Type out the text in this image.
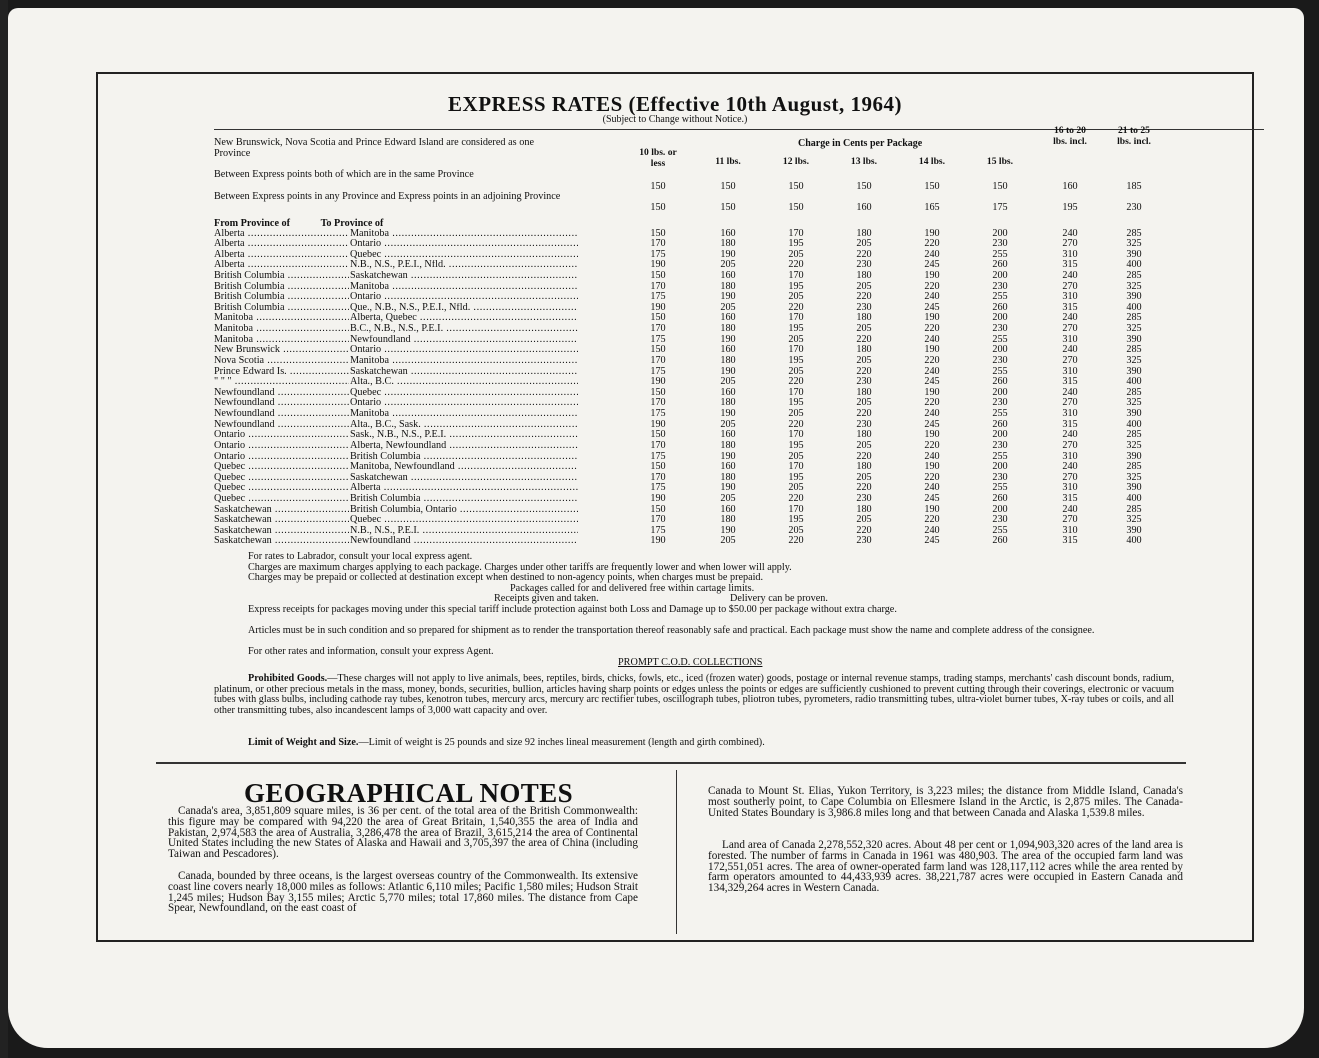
EXPRESS RATES (Effective 10th August, 1964)
(Subject to Change without Notice.)
New Brunswick, Nova Scotia and Prince Edward Island are considered as one Province
Charge in Cents per Package
10 lbs. or less	11 lbs.	12 lbs.	13 lbs.	14 lbs.	15 lbs.
16 to 20 lbs. incl.
21 to 25 lbs. incl.
Between Express points both of which are in the same Province
Between Express points in any Province and Express points in an adjoining Province
150	150	150	150	150	150	160	185
150	150	150	160	165	175	195	230
From Province of	To Province of
Alberta .....	Manitoba .....	150	160	170	180	190	200	240	285
Alberta .....	Ontario .....	170	180	195	205	220	230	270	325
Alberta .....	Quebec .....	175	190	205	220	240	255	310	390
Alberta .....	N.B., N.S., P.E.I., Nfld. .....	190	205	220	230	245	260	315	400
British Columbia .....	Saskatchewan .....	150	160	170	180	190	200	240	285
British Columbia .....	Manitoba .....	170	180	195	205	220	230	270	325
British Columbia .....	Ontario .....	175	190	205	220	240	255	310	390
British Columbia .....	Que., N.B., N.S., P.E.I., Nfld. .....	190	205	220	230	245	260	315	400
Manitoba .....	Alberta, Quebec .....	150	160	170	180	190	200	240	285
Manitoba .....	B.C., N.B., N.S., P.E.I. .....	170	180	195	205	220	230	270	325
Manitoba .....	Newfoundland .....	175	190	205	220	240	255	310	390
New Brunswick .....	Ontario .....	150	160	170	180	190	200	240	285
Nova Scotia .....	Manitoba .....	170	180	195	205	220	230	270	325
Prince Edward Is. .....	Saskatchewan .....	175	190	205	220	240	255	310	390
" " " .....	Alta., B.C. .....	190	205	220	230	245	260	315	400
Newfoundland .....	Quebec .....	150	160	170	180	190	200	240	285
Newfoundland .....	Ontario .....	170	180	195	205	220	230	270	325
Newfoundland .....	Manitoba .....	175	190	205	220	240	255	310	390
Newfoundland .....	Alta., B.C., Sask. .....	190	205	220	230	245	260	315	400
Ontario .....	Sask., N.B., N.S., P.E.I. .....	150	160	170	180	190	200	240	285
Ontario .....	Alberta, Newfoundland .....	170	180	195	205	220	230	270	325
Ontario .....	British Columbia .....	175	190	205	220	240	255	310	390
Quebec .....	Manitoba, Newfoundland .....	150	160	170	180	190	200	240	285
Quebec .....	Saskatchewan .....	170	180	195	205	220	230	270	325
Quebec .....	Alberta .....	175	190	205	220	240	255	310	390
Quebec .....	British Columbia .....	190	205	220	230	245	260	315	400
Saskatchewan .....	British Columbia, Ontario .....	150	160	170	180	190	200	240	285
Saskatchewan .....	Quebec .....	170	180	195	205	220	230	270	325
Saskatchewan .....	N.B., N.S., P.E.I. .....	175	190	205	220	240	255	310	390
Saskatchewan .....	Newfoundland .....	190	205	220	230	245	260	315	400
For rates to Labrador, consult your local express agent.
Charges are maximum charges applying to each package. Charges under other tariffs are frequently lower and when lower will apply.
Charges may be prepaid or collected at destination except when destined to non-agency points, when charges must be prepaid.
Packages called for and delivered free within cartage limits.
Receipts given and taken.	Delivery can be proven.
Express receipts for packages moving under this special tariff include protection against both Loss and Damage up to $50.00 per package without extra charge.
Articles must be in such condition and so prepared for shipment as to render the transportation thereof reasonably safe and practical. Each package must show the name and complete address of the consignee.
For other rates and information, consult your express Agent.
PROMPT C.O.D. COLLECTIONS
Prohibited Goods.—These charges will not apply to live animals, bees, reptiles, birds, chicks, fowls, etc., iced (frozen water) goods, postage or internal revenue stamps, trading stamps, merchants' cash discount bonds, radium, platinum, or other precious metals in the mass, money, bonds, securities, bullion, articles having sharp points or edges unless the points or edges are sufficiently cushioned to prevent cutting through their coverings, electronic or vacuum tubes with glass bulbs, including cathode ray tubes, kenotron tubes, mercury arcs, mercury arc rectifier tubes, oscillograph tubes, pliotron tubes, pyrometers, radio transmitting tubes, ultra-violet burner tubes, X-ray tubes or coils, and all other transmitting tubes, also incandescent lamps of 3,000 watt capacity and over.
Limit of Weight and Size.—Limit of weight is 25 pounds and size 92 inches lineal measurement (length and girth combined).
GEOGRAPHICAL NOTES
Canada's area, 3,851,809 square miles, is 36 per cent. of the total area of the British Commonwealth: this figure may be compared with 94,220 the area of Great Britain, 1,540,355 the area of India and Pakistan, 2,974,583 the area of Australia, 3,286,478 the area of Brazil, 3,615,214 the area of Continental United States including the new States of Alaska and Hawaii and 3,705,397 the area of China (including Taiwan and Pescadores).
Canada, bounded by three oceans, is the largest overseas country of the Commonwealth. Its extensive coast line covers nearly 18,000 miles as follows: Atlantic 6,110 miles; Pacific 1,580 miles; Hudson Strait 1,245 miles; Hudson Bay 3,155 miles; Arctic 5,770 miles; total 17,860 miles. The distance from Cape Spear, Newfoundland, on the east coast of
Canada to Mount St. Elias, Yukon Territory, is 3,223 miles; the distance from Middle Island, Canada's most southerly point, to Cape Columbia on Ellesmere Island in the Arctic, is 2,875 miles. The Canada-United States Boundary is 3,986.8 miles long and that between Canada and Alaska 1,539.8 miles.
Land area of Canada 2,278,552,320 acres. About 48 per cent or 1,094,903,320 acres of the land area is forested. The number of farms in Canada in 1961 was 480,903. The area of the occupied farm land was 172,551,051 acres. The area of owner-operated farm land was 128,117,112 acres while the area rented by farm operators amounted to 44,433,939 acres. 38,221,787 acres were occupied in Eastern Canada and 134,329,264 acres in Western Canada.
